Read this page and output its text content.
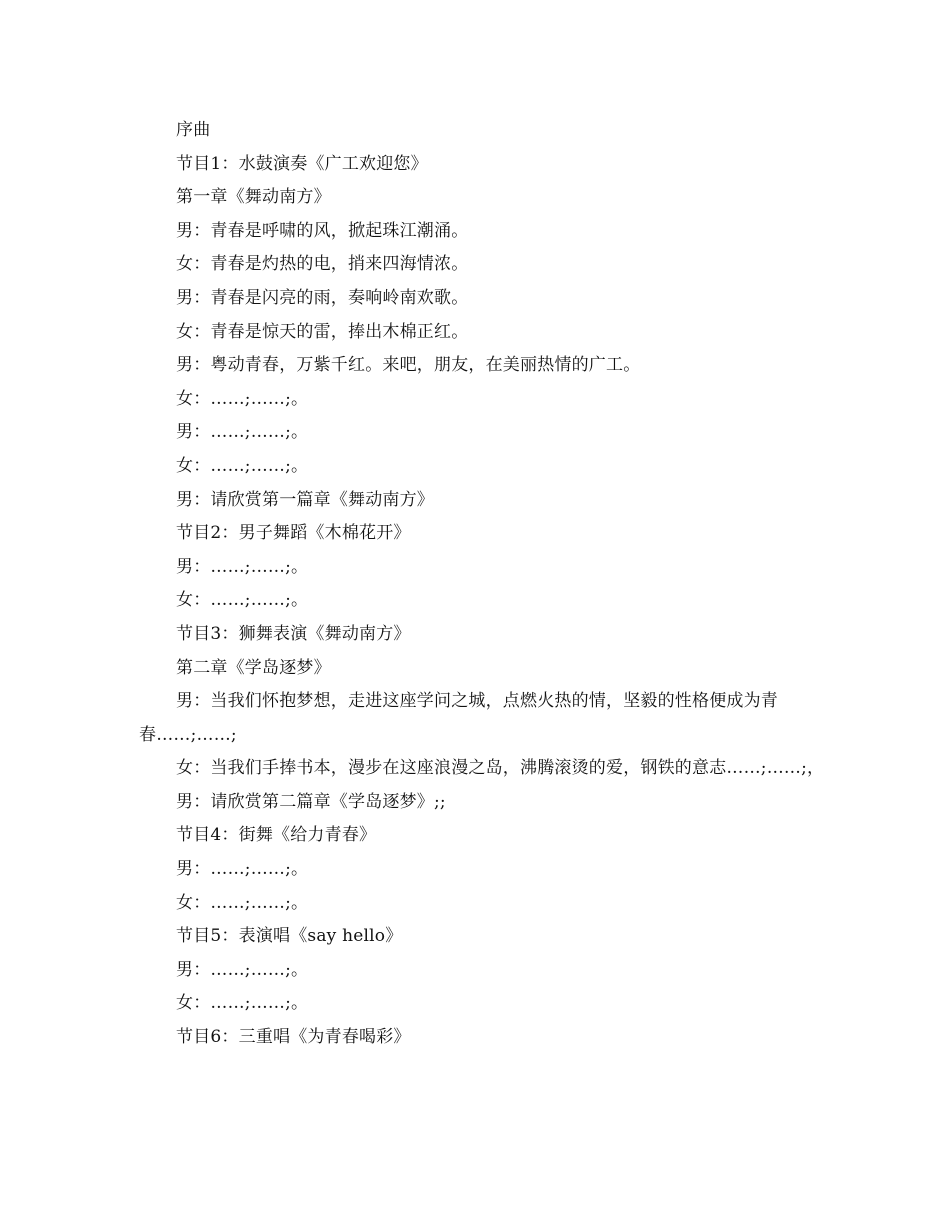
序曲

节目1：水鼓演奏《广工欢迎您》

第一章《舞动南方》

男：青春是呼啸的风，掀起珠江潮涌。

女：青春是灼热的电，捎来四海情浓。

男：青春是闪亮的雨，奏响岭南欢歌。

女：青春是惊天的雷，捧出木棉正红。

男：粤动青春，万紫千红。来吧，朋友，在美丽热情的广工。

女：……;……;。

男：……;……;。

女：……;……;。

男：请欣赏第一篇章《舞动南方》

节目2：男子舞蹈《木棉花开》

男：……;……;。

女：……;……;。

节目3：狮舞表演《舞动南方》

第二章《学岛逐梦》

男：当我们怀抱梦想，走进这座学问之城，点燃火热的情，坚毅的性格便成为青春……;……;

女：当我们手捧书本，漫步在这座浪漫之岛，沸腾滚烫的爱，钢铁的意志……;……;，

男：请欣赏第二篇章《学岛逐梦》;;

节目4：街舞《给力青春》

男：……;……;。

女：……;……;。

节目5：表演唱《say hello》

男：……;……;。

女：……;……;。

节目6：三重唱《为青春喝彩》
